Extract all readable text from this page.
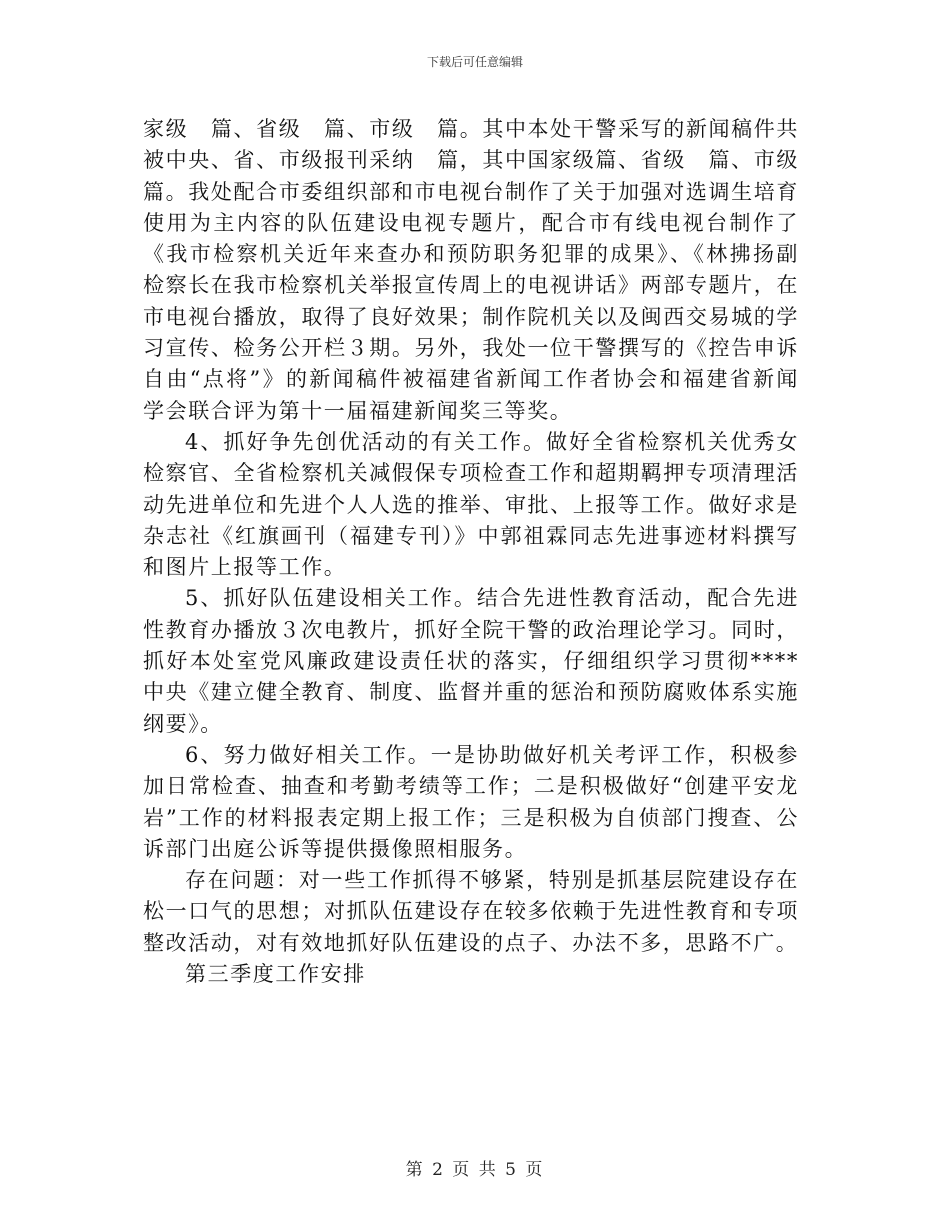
下载后可任意编辑

家级　篇、省级　篇、市级　篇。其中本处干警采写的新闻稿件共被中央、省、市级报刊采纳　篇，其中国家级篇、省级　篇、市级　篇。我处配合市委组织部和市电视台制作了关于加强对选调生培育使用为主内容的队伍建设电视专题片，配合市有线电视台制作了《我市检察机关近年来查办和预防职务犯罪的成果》、《林拂扬副检察长在我市检察机关举报宣传周上的电视讲话》两部专题片，在市电视台播放，取得了良好效果；制作院机关以及闽西交易城的学习宣传、检务公开栏３期。另外，我处一位干警撰写的《控告申诉自由“点将”》的新闻稿件被福建省新闻工作者协会和福建省新闻学会联合评为第十一届福建新闻奖三等奖。

4、抓好争先创优活动的有关工作。做好全省检察机关优秀女检察官、全省检察机关减假保专项检查工作和超期羁押专项清理活动先进单位和先进个人人选的推举、审批、上报等工作。做好求是杂志社《红旗画刊（福建专刊）》中郭祖霖同志先进事迹材料撰写和图片上报等工作。

5、抓好队伍建设相关工作。结合先进性教育活动，配合先进性教育办播放３次电教片，抓好全院干警的政治理论学习。同时，抓好本处室党风廉政建设责任状的落实，仔细组织学习贯彻****中央《建立健全教育、制度、监督并重的惩治和预防腐败体系实施纲要》。

6、努力做好相关工作。一是协助做好机关考评工作，积极参加日常检查、抽查和考勤考绩等工作；二是积极做好“创建平安龙岩”工作的材料报表定期上报工作；三是积极为自侦部门搜查、公诉部门出庭公诉等提供摄像照相服务。

存在问题：对一些工作抓得不够紧，特别是抓基层院建设存在松一口气的思想；对抓队伍建设存在较多依赖于先进性教育和专项整改活动，对有效地抓好队伍建设的点子、办法不多，思路不广。

第三季度工作安排

第 2 页 共 5 页
